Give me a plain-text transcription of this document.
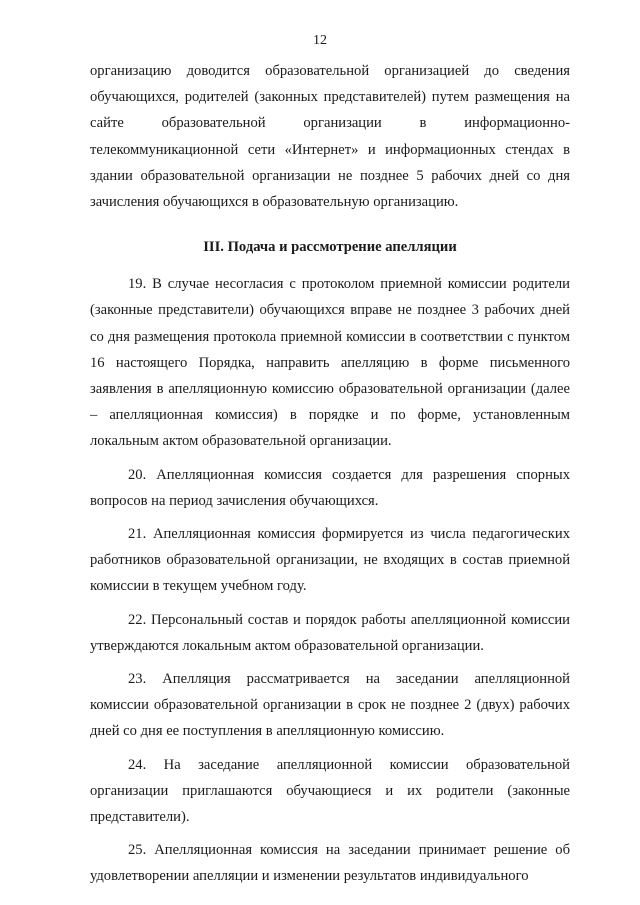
12

организацию доводится образовательной организацией до сведения обучающихся, родителей (законных представителей) путем размещения на сайте образовательной организации в информационно-телекоммуникационной сети «Интернет» и информационных стендах в здании образовательной организации не позднее 5 рабочих дней со дня зачисления обучающихся в образовательную организацию.

III. Подача и рассмотрение апелляции

19. В случае несогласия с протоколом приемной комиссии родители (законные представители) обучающихся вправе не позднее 3 рабочих дней со дня размещения протокола приемной комиссии в соответствии с пунктом 16 настоящего Порядка, направить апелляцию в форме письменного заявления в апелляционную комиссию образовательной организации (далее – апелляционная комиссия) в порядке и по форме, установленным локальным актом образовательной организации.

20. Апелляционная комиссия создается для разрешения спорных вопросов на период зачисления обучающихся.

21. Апелляционная комиссия формируется из числа педагогических работников образовательной организации, не входящих в состав приемной комиссии в текущем учебном году.

22. Персональный состав и порядок работы апелляционной комиссии утверждаются локальным актом образовательной организации.

23. Апелляция рассматривается на заседании апелляционной комиссии образовательной организации в срок не позднее 2 (двух) рабочих дней со дня ее поступления в апелляционную комиссию.

24. На заседание апелляционной комиссии образовательной организации приглашаются обучающиеся и их родители (законные представители).

25. Апелляционная комиссия на заседании принимает решение об удовлетворении апелляции и изменении результатов индивидуального
